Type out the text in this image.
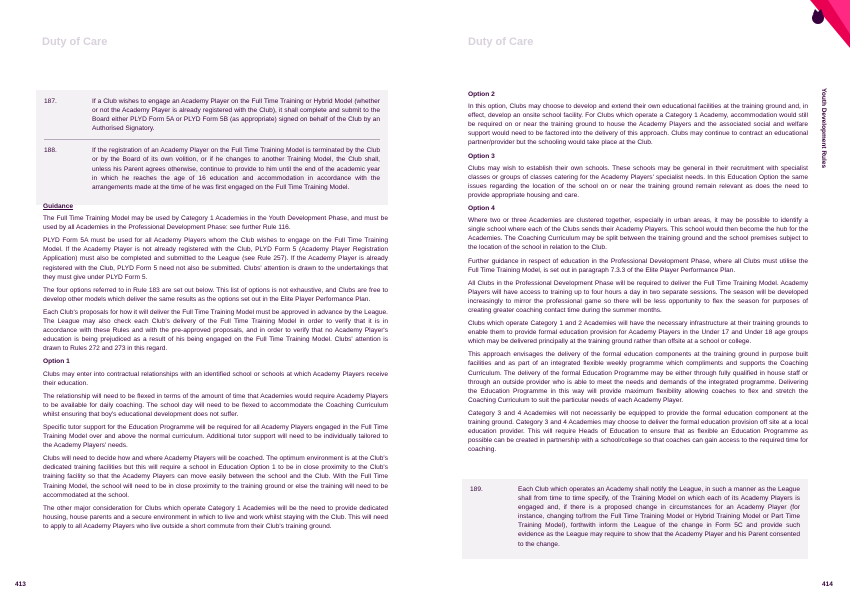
Duty of Care
187.	If a Club wishes to engage an Academy Player on the Full Time Training or Hybrid Model (whether or not the Academy Player is already registered with the Club), it shall complete and submit to the Board either PLYD Form 5A or PLYD Form 5B (as appropriate) signed on behalf of the Club by an Authorised Signatory.
188.	If the registration of an Academy Player on the Full Time Training Model is terminated by the Club or by the Board of its own volition, or if he changes to another Training Model, the Club shall, unless his Parent agrees otherwise, continue to provide to him until the end of the academic year in which he reaches the age of 16 education and accommodation in accordance with the arrangements made at the time of he was first engaged on the Full Time Training Model.

Guidance

The Full Time Training Model may be used by Category 1 Academies in the Youth Development Phase, and must be used by all Academies in the Professional Development Phase: see further Rule 116.

PLYD Form 5A must be used for all Academy Players whom the Club wishes to engage on the Full Time Training Model. If the Academy Player is not already registered with the Club, PLYD Form 5 (Academy Player Registration Application) must also be completed and submitted to the League (see Rule 257). If the Academy Player is already registered with the Club, PLYD Form 5 need not also be submitted. Clubs' attention is drawn to the undertakings that they must give under PLYD Form 5.

The four options referred to in Rule 183 are set out below. This list of options is not exhaustive, and Clubs are free to develop other models which deliver the same results as the options set out in the Elite Player Performance Plan.

Each Club's proposals for how it will deliver the Full Time Training Model must be approved in advance by the League. The League may also check each Club's delivery of the Full Time Training Model in order to verify that it is in accordance with these Rules and with the pre-approved proposals, and in order to verify that no Academy Player's education is being prejudiced as a result of his being engaged on the Full Time Training Model. Clubs' attention is drawn to Rules 272 and 273 in this regard.

Option 1

Clubs may enter into contractual relationships with an identified school or schools at which Academy Players receive their education.

The relationship will need to be flexed in terms of the amount of time that Academies would require Academy Players to be available for daily coaching. The school day will need to be flexed to accommodate the Coaching Curriculum whilst ensuring that boy's educational development does not suffer.

Specific tutor support for the Education Programme will be required for all Academy Players engaged in the Full Time Training Model over and above the normal curriculum. Additional tutor support will need to be individually tailored to the Academy Players' needs.

Clubs will need to decide how and where Academy Players will be coached. The optimum environment is at the Club's dedicated training facilities but this will require a school in Education Option 1 to be in close proximity to the Club's training facility so that the Academy Players can move easily between the school and the Club. With the Full Time Training Model, the school will need to be in close proximity to the training ground or else the training will need to be accommodated at the school.

The other major consideration for Clubs which operate Category 1 Academies will be the need to provide dedicated housing, house parents and a secure environment in which to live and work whilst staying with the Club. This will need to apply to all Academy Players who live outside a short commute from their Club's training ground.

413
Duty of Care
Youth Development Rules

Option 2

In this option, Clubs may choose to develop and extend their own educational facilities at the training ground and, in effect, develop an onsite school facility. For Clubs which operate a Category 1 Academy, accommodation would still be required on or near the training ground to house the Academy Players and the associated social and welfare support would need to be factored into the delivery of this approach. Clubs may continue to contract an educational partner/provider but the schooling would take place at the Club.

Option 3

Clubs may wish to establish their own schools. These schools may be general in their recruitment with specialist classes or groups of classes catering for the Academy Players' specialist needs. In this Education Option the same issues regarding the location of the school on or near the training ground remain relevant as does the need to provide appropriate housing and care.

Option 4

Where two or three Academies are clustered together, especially in urban areas, it may be possible to identify a single school where each of the Clubs sends their Academy Players. This school would then become the hub for the Academies. The Coaching Curriculum may be split between the training ground and the school premises subject to the location of the school in relation to the Club.

Further guidance in respect of education in the Professional Development Phase, where all Clubs must utilise the Full Time Training Model, is set out in paragraph 7.3.3 of the Elite Player Performance Plan.

All Clubs in the Professional Development Phase will be required to deliver the Full Time Training Model. Academy Players will have access to training up to four hours a day in two separate sessions. The season will be developed increasingly to mirror the professional game so there will be less opportunity to flex the season for purposes of creating greater coaching contact time during the summer months.

Clubs which operate Category 1 and 2 Academies will have the necessary infrastructure at their training grounds to enable them to provide formal education provision for Academy Players in the Under 17 and Under 18 age groups which may be delivered principally at the training ground rather than offsite at a school or college.

This approach envisages the delivery of the formal education components at the training ground in purpose built facilities and as part of an integrated flexible weekly programme which compliments and supports the Coaching Curriculum. The delivery of the formal Education Programme may be either through fully qualified in house staff or through an outside provider who is able to meet the needs and demands of the integrated programme. Delivering the Education Programme in this way will provide maximum flexibility allowing coaches to flex and stretch the Coaching Curriculum to suit the particular needs of each Academy Player.

Category 3 and 4 Academies will not necessarily be equipped to provide the formal education component at the training ground. Category 3 and 4 Academies may choose to deliver the formal education provision off site at a local education provider. This will require Heads of Education to ensure that as flexible an Education Programme as possible can be created in partnership with a school/college so that coaches can gain access to the required time for coaching.

189.	Each Club which operates an Academy shall notify the League, in such a manner as the League shall from time to time specify, of the Training Model on which each of its Academy Players is engaged and, if there is a proposed change in circumstances for an Academy Player (for instance, changing to/from the Full Time Training Model or Hybrid Training Model or Part Time Training Model), forthwith inform the League of the change in Form 5C and provide such evidence as the League may require to show that the Academy Player and his Parent consented to the change.
414
